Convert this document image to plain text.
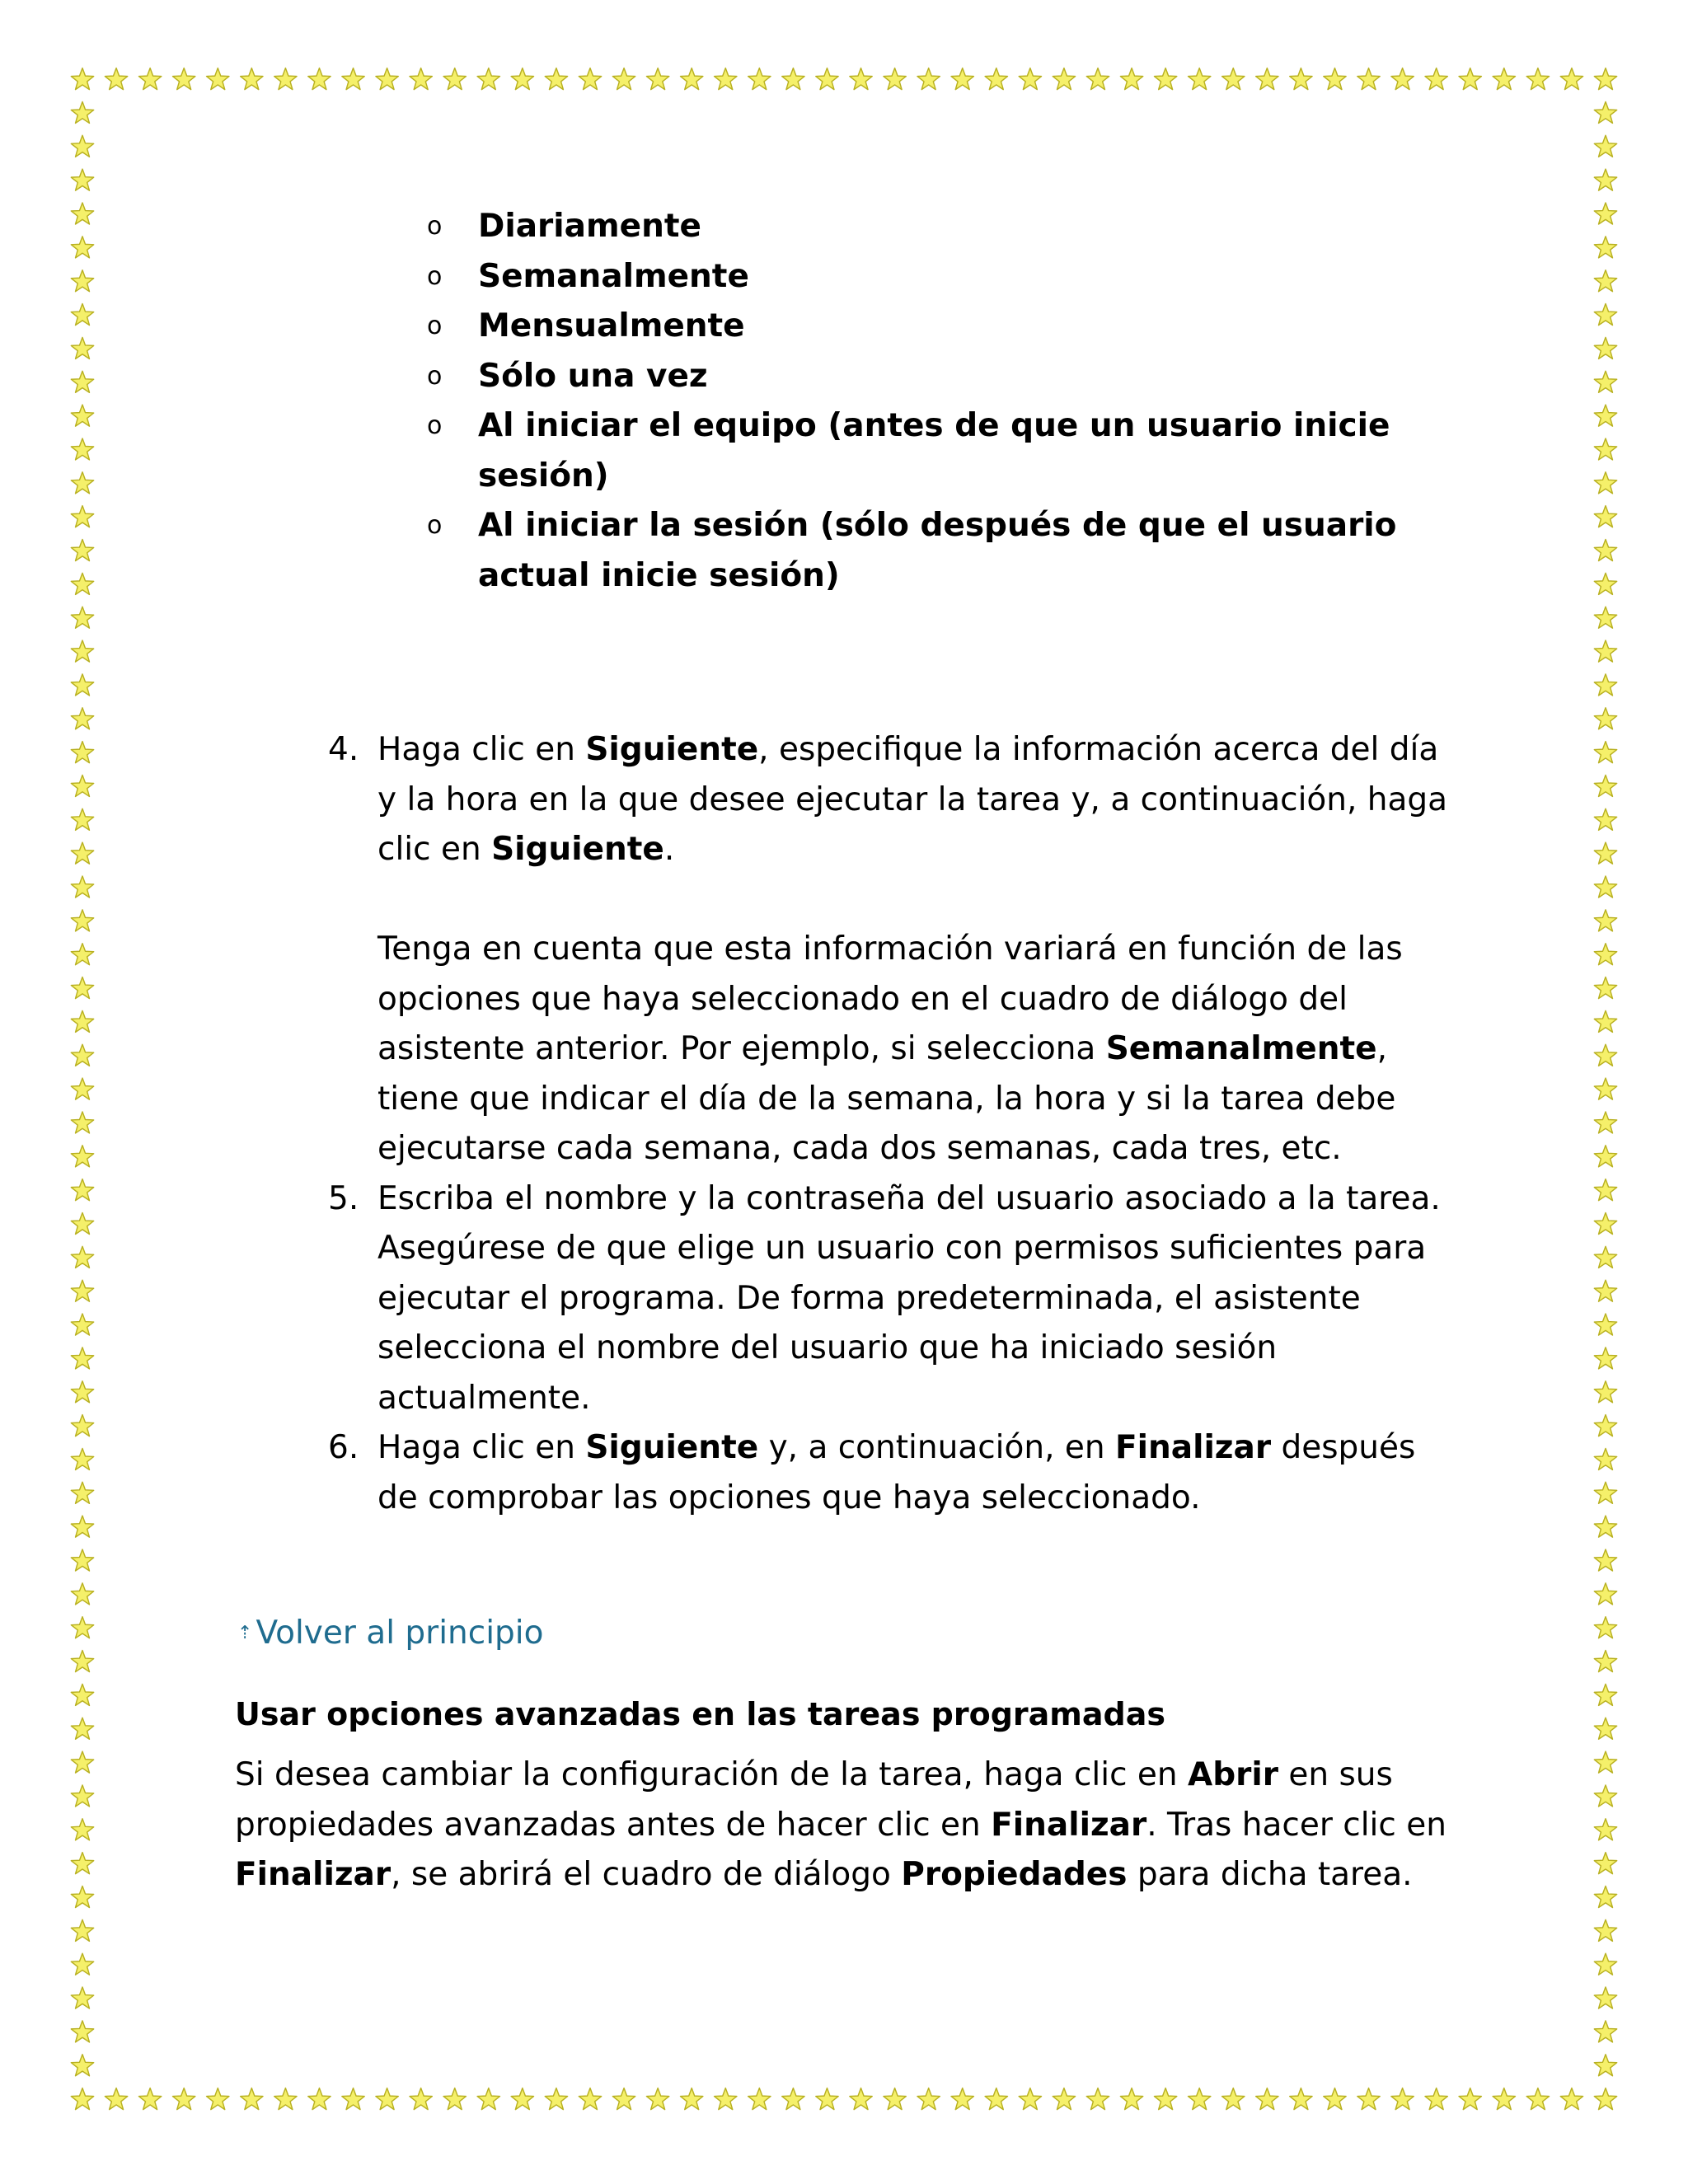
o Diariamente
o Semanalmente
o Mensualmente
o Sólo una vez
o Al iniciar el equipo (antes de que un usuario inicie sesión)
o Al iniciar la sesión (sólo después de que el usuario actual inicie sesión)
4. Haga clic en Siguiente, especifique la información acerca del día y la hora en la que desee ejecutar la tarea y, a continuación, haga clic en Siguiente.
Tenga en cuenta que esta información variará en función de las opciones que haya seleccionado en el cuadro de diálogo del asistente anterior. Por ejemplo, si selecciona Semanalmente, tiene que indicar el día de la semana, la hora y si la tarea debe ejecutarse cada semana, cada dos semanas, cada tres, etc.
5. Escriba el nombre y la contraseña del usuario asociado a la tarea. Asegúrese de que elige un usuario con permisos suficientes para ejecutar el programa. De forma predeterminada, el asistente selecciona el nombre del usuario que ha iniciado sesión actualmente.
6. Haga clic en Siguiente y, a continuación, en Finalizar después de comprobar las opciones que haya seleccionado.
⇡ Volver al principio
Usar opciones avanzadas en las tareas programadas

Si desea cambiar la configuración de la tarea, haga clic en Abrir en sus propiedades avanzadas antes de hacer clic en Finalizar. Tras hacer clic en Finalizar, se abrirá el cuadro de diálogo Propiedades para dicha tarea.
